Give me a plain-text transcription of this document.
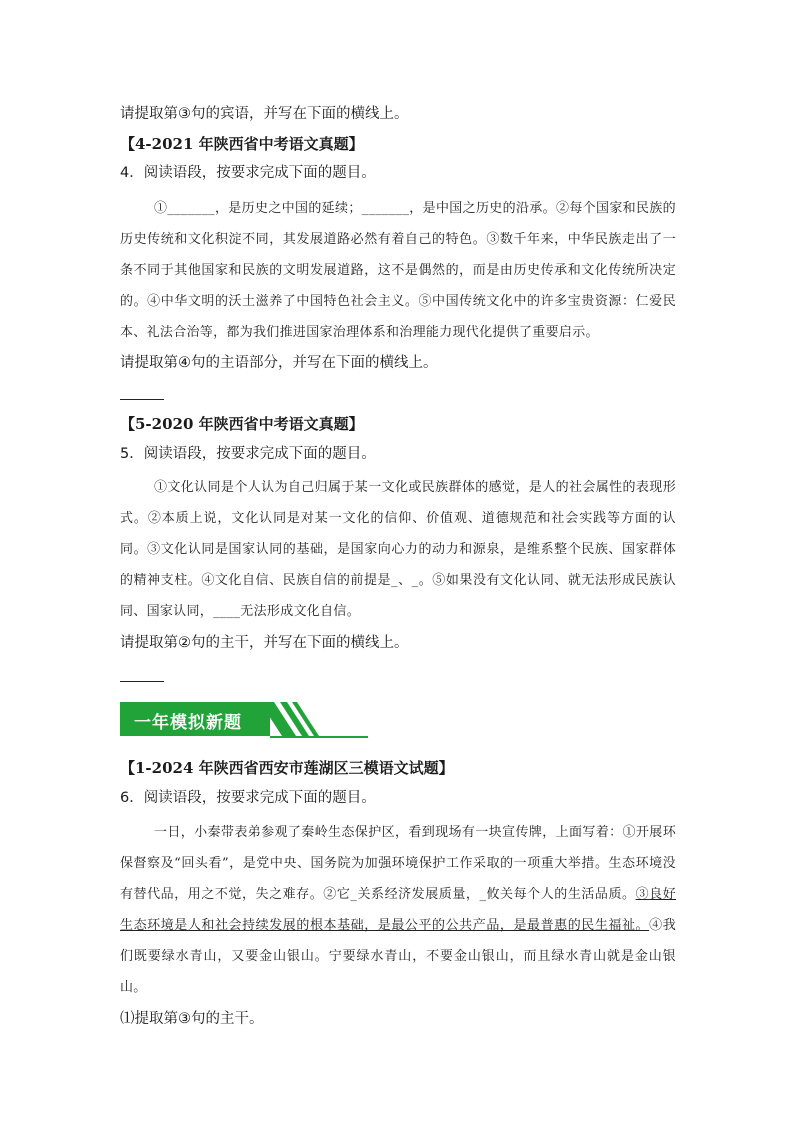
请提取第③句的宾语，并写在下面的横线上。
【4-2021 年陕西省中考语文真题】
4．阅读语段，按要求完成下面的题目。
①_______，是历史之中国的延续；_______，是中国之历史的沿承。②每个国家和民族的历史传统和文化积淀不同，其发展道路必然有着自己的特色。③数千年来，中华民族走出了一条不同于其他国家和民族的文明发展道路，这不是偶然的，而是由历史传承和文化传统所决定的。④中华文明的沃土滋养了中国特色社会主义。⑤中国传统文化中的许多宝贵资源：仁爱民本、礼法合治等，都为我们推进国家治理体系和治理能力现代化提供了重要启示。
请提取第④句的主语部分，并写在下面的横线上。
【5-2020 年陕西省中考语文真题】
5．阅读语段，按要求完成下面的题目。
①文化认同是个人认为自己归属于某一文化或民族群体的感觉，是人的社会属性的表现形式。②本质上说，文化认同是对某一文化的信仰、价值观、道德规范和社会实践等方面的认同。③文化认同是国家认同的基础，是国家向心力的动力和源泉，是维系整个民族、国家群体的精神支柱。④文化自信、民族自信的前提是_、_。⑤如果没有文化认同、就无法形成民族认同、国家认同，____无法形成文化自信。
请提取第②句的主干，并写在下面的横线上。
一年模拟新题
【1-2024 年陕西省西安市莲湖区三模语文试题】
6．阅读语段，按要求完成下面的题目。
一日，小秦带表弟参观了秦岭生态保护区，看到现场有一块宣传牌，上面写着：①开展环保督察及“回头看”，是党中央、国务院为加强环境保护工作采取的一项重大举措。生态环境没有替代品，用之不觉，失之难存。②它_关系经济发展质量，_攸关每个人的生活品质。③良好生态环境是人和社会持续发展的根本基础，是最公平的公共产品，是最普惠的民生福祉。④我们既要绿水青山，又要金山银山。宁要绿水青山，不要金山银山，而且绿水青山就是金山银山。
⑴提取第③句的主干。
